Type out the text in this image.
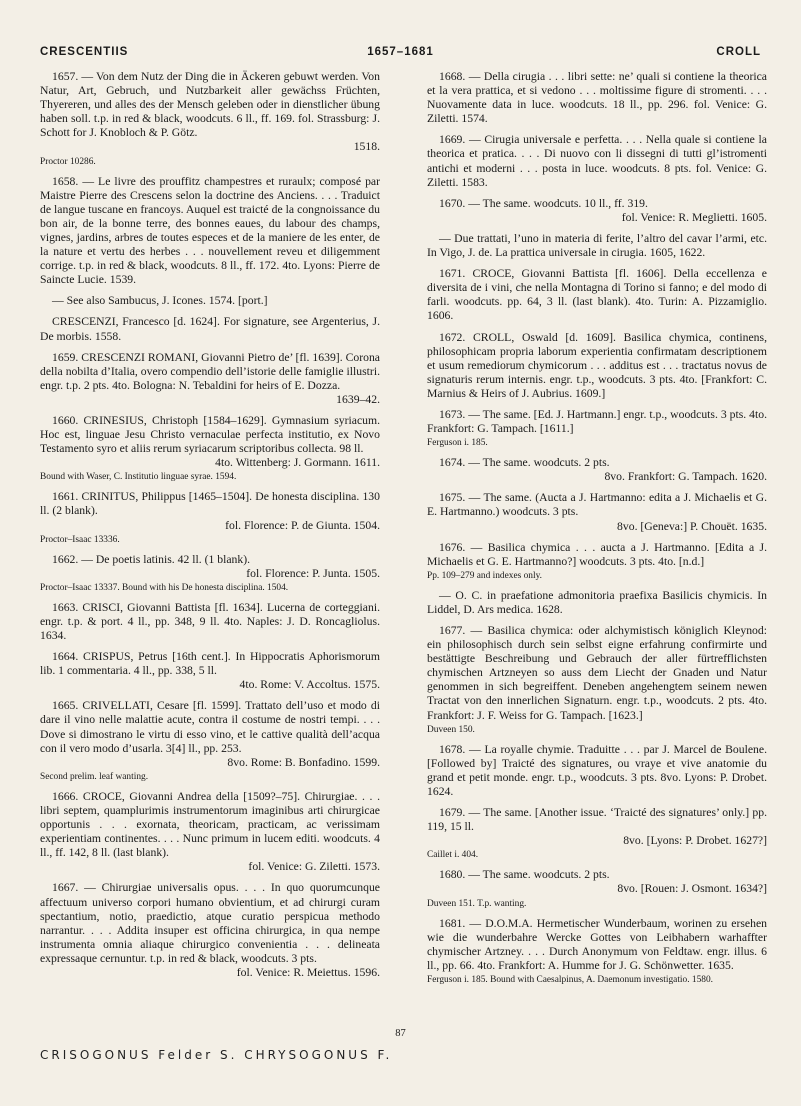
CRESCENTIIS	1657–1681	CROLL
1657. — Von dem Nutz der Ding die in Äckeren gebuwt werden. Von Natur, Art, Gebruch, und Nutzbarkeit aller gewächss Früchten, Thyereren, und alles des der Mensch geleben oder in dienstlicher übung haben soll. t.p. in red & black, woodcuts. 6 ll., ff. 169. fol. Strassburg: J. Schott for J. Knobloch & P. Götz.
1518.
Proctor 10286.
1658. — Le livre des prouffitz champestres et ruraulx; composé par Maistre Pierre des Crescens selon la doctrine des Anciens. . . . Traduict de langue tuscane en francoys. Auquel est traicté de la congnoissance du bon air, de la bonne terre, des bonnes eaues, du labour des champs, vignes, jardins, arbres de toutes especes et de la maniere de les enter, de la nature et vertu des herbes . . . nouvellement reveu et diligemment corrige. t.p. in red & black, woodcuts. 8 ll., ff. 172. 4to. Lyons: Pierre de Saincte Lucie. 1539.
— See also Sambucus, J. Icones. 1574. [port.]
CRESCENZI, Francesco [d. 1624]. For signature, see Argenterius, J. De morbis. 1558.
1659. CRESCENZI ROMANI, Giovanni Pietro de’ [fl. 1639]. Corona della nobilta d’Italia, overo compendio dell’istorie delle famiglie illustri. engr. t.p. 2 pts. 4to. Bologna: N. Tebaldini for heirs of E. Dozza.
1639–42.
1660. CRINESIUS, Christoph [1584–1629]. Gymnasium syriacum. Hoc est, linguae Jesu Christo vernaculae perfecta institutio, ex Novo Testamento syro et aliis rerum syriacarum scriptoribus collecta. 98 ll.
4to. Wittenberg: J. Gormann. 1611.
Bound with Waser, C. Institutio linguae syrae. 1594.
1661. CRINITUS, Philippus [1465–1504]. De honesta disciplina. 130 ll. (2 blank).
fol. Florence: P. de Giunta. 1504.
Proctor–Isaac 13336.
1662. — De poetis latinis. 42 ll. (1 blank).
fol. Florence: P. Junta. 1505.
Proctor–Isaac 13337. Bound with his De honesta disciplina. 1504.
1663. CRISCI, Giovanni Battista [fl. 1634]. Lucerna de corteggiani. engr. t.p. & port. 4 ll., pp. 348, 9 ll. 4to. Naples: J. D. Roncagliolus. 1634.
1664. CRISPUS, Petrus [16th cent.]. In Hippocratis Aphorismorum lib. 1 commentaria. 4 ll., pp. 338, 5 ll.
4to. Rome: V. Accoltus. 1575.
1665. CRIVELLATI, Cesare [fl. 1599]. Trattato dell’uso et modo di dare il vino nelle malattie acute, contra il costume de nostri tempi. . . . Dove si dimostrano le virtu di esso vino, et le cattive qualità dell’acqua con il vero modo d’usarla. 3[4] ll., pp. 253.
8vo. Rome: B. Bonfadino. 1599.
Second prelim. leaf wanting.
1666. CROCE, Giovanni Andrea della [1509?–75]. Chirurgiae. . . . libri septem, quamplurimis instrumentorum imaginibus arti chirurgicae opportunis . . . exornata, theoricam, practicam, ac verissimam experientiam continentes. . . . Nunc primum in lucem editi. woodcuts. 4 ll., ff. 142, 8 ll. (last blank).
fol. Venice: G. Ziletti. 1573.
1667. — Chirurgiae universalis opus. . . . In quo quorumcunque affectuum universo corpori humano obvientium, et ad chirurgi curam spectantium, notio, praedictio, atque curatio perspicua methodo narrantur. . . . Addita insuper est officina chirurgica, in qua nempe instrumenta omnia aliaque chirurgico convenientia . . . delineata expressaque cernuntur. t.p. in red & black, woodcuts. 3 pts.
fol. Venice: R. Meiettus. 1596.
1668. — Della cirugia . . . libri sette: ne’ quali si contiene la theorica et la vera prattica, et si vedono . . . moltissime figure di stromenti. . . . Nuovamente data in luce. woodcuts. 18 ll., pp. 296. fol. Venice: G. Ziletti. 1574.
1669. — Cirugia universale e perfetta. . . . Nella quale si contiene la theorica et pratica. . . . Di nuovo con li dissegni di tutti gl’istromenti antichi et moderni . . . posta in luce. woodcuts. 8 pts. fol. Venice: G. Ziletti. 1583.
1670. — The same. woodcuts. 10 ll., ff. 319.
fol. Venice: R. Meglietti. 1605.
— Due trattati, l’uno in materia di ferite, l’altro del cavar l’armi, etc. In Vigo, J. de. La prattica universale in cirugia. 1605, 1622.
1671. CROCE, Giovanni Battista [fl. 1606]. Della eccellenza e diversita de i vini, che nella Montagna di Torino si fanno; e del modo di farli. woodcuts. pp. 64, 3 ll. (last blank). 4to. Turin: A. Pizzamiglio. 1606.
1672. CROLL, Oswald [d. 1609]. Basilica chymica, continens, philosophicam propria laborum experientia confirmatam descriptionem et usum remediorum chymicorum . . . additus est . . . tractatus novus de signaturis rerum internis. engr. t.p., woodcuts. 3 pts. 4to. [Frankfort: C. Marnius & Heirs of J. Aubrius. 1609.]
1673. — The same. [Ed. J. Hartmann.] engr. t.p., woodcuts. 3 pts. 4to. Frankfort: G. Tampach. [1611.]
Ferguson i. 185.
1674. — The same. woodcuts. 2 pts.
8vo. Frankfort: G. Tampach. 1620.
1675. — The same. (Aucta a J. Hartmanno: edita a J. Michaelis et G. E. Hartmanno.) woodcuts. 3 pts.
8vo. [Geneva:] P. Chouët. 1635.
1676. — Basilica chymica . . . aucta a J. Hartmanno. [Edita a J. Michaelis et G. E. Hartmanno?] woodcuts. 3 pts. 4to. [n.d.]
Pp. 109–279 and indexes only.
— O. C. in praefatione admonitoria praefixa Basilicis chymicis. In Liddel, D. Ars medica. 1628.
1677. — Basilica chymica: oder alchymistisch königlich Kleynod: ein philosophisch durch sein selbst eigne erfahrung confirmirte und bestättigte Beschreibung und Gebrauch der aller fürtrefflichsten chymischen Artzneyen so auss dem Liecht der Gnaden und Natur genommen in sich begreiffent. Deneben angehengtem seinem newen Tractat von den innerlichen Signaturn. engr. t.p., woodcuts. 2 pts. 4to. Frankfort: J. F. Weiss for G. Tampach. [1623.]
Duveen 150.
1678. — La royalle chymie. Traduitte . . . par J. Marcel de Boulene. [Followed by] Traicté des signatures, ou vraye et vive anatomie du grand et petit monde. engr. t.p., woodcuts. 3 pts. 8vo. Lyons: P. Drobet. 1624.
1679. — The same. [Another issue. ‘Traicté des signatures’ only.] pp. 119, 15 ll.
8vo. [Lyons: P. Drobet. 1627?]
Caillet i. 404.
1680. — The same. woodcuts. 2 pts.
8vo. [Rouen: J. Osmont. 1634?]
Duveen 151. T.p. wanting.
1681. — D.O.M.A. Hermetischer Wunderbaum, worinen zu ersehen wie die wunderbahre Wercke Gottes von Leibhabern warhaffter chymischer Artzney. . . . Durch Anonymum von Feldtaw. engr. illus. 6 ll., pp. 66. 4to. Frankfort: A. Humme for J. G. Schönwetter. 1635.
Ferguson i. 185. Bound with Caesalpinus, A. Daemonum investigatio. 1580.
87
CRISOGONUS Felder S. CHRYSOGONUS F.
